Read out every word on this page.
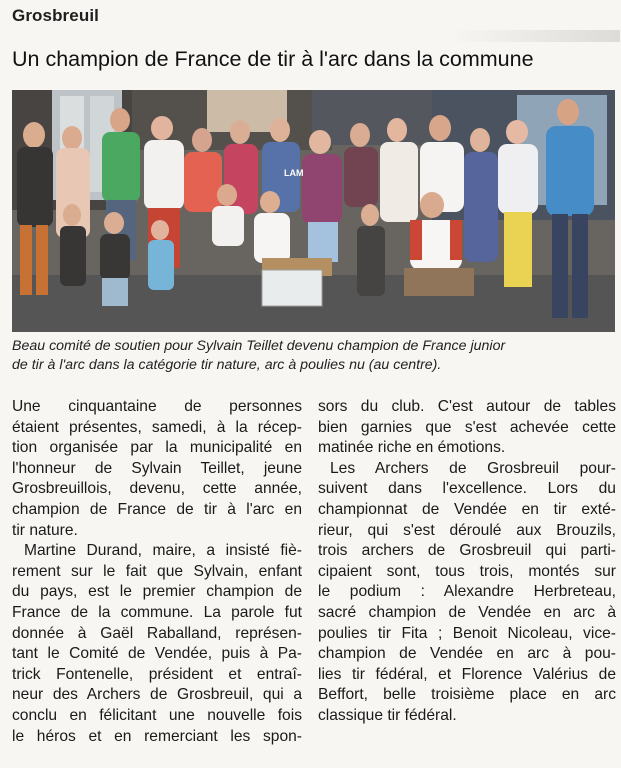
Grosbreuil
Un champion de France de tir à l'arc dans la commune
Beau comité de soutien pour Sylvain Teillet devenu champion de France junior
de tir à l'arc dans la catégorie tir nature, arc à poulies nu (au centre).
Une cinquantaine de personnes
étaient présentes, samedi, à la récep-
tion organisée par la municipalité en
l'honneur de Sylvain Teillet, jeune
Grosbreuillois, devenu, cette année,
champion de France de tir à l'arc en
tir nature.
Martine Durand, maire, a insisté fiè-
rement sur le fait que Sylvain, enfant
du pays, est le premier champion de
France de la commune. La parole fut
donnée à Gaël Raballand, représen-
tant le Comité de Vendée, puis à Pa-
trick Fontenelle, président et entraî-
neur des Archers de Grosbreuil, qui a
conclu en félicitant une nouvelle fois
le héros et en remerciant les spon-
sors du club. C'est autour de tables
bien garnies que s'est achevée cette
matinée riche en émotions.
Les Archers de Grosbreuil pour-
suivent dans l'excellence. Lors du
championnat de Vendée en tir exté-
rieur, qui s'est déroulé aux Brouzils,
trois archers de Grosbreuil qui parti-
cipaient sont, tous trois, montés sur
le podium : Alexandre Herbreteau,
sacré champion de Vendée en arc à
poulies tir Fita ; Benoit Nicoleau, vice-
champion de Vendée en arc à pou-
lies tir fédéral, et Florence Valérius de
Beffort, belle troisième place en arc
classique tir fédéral.
